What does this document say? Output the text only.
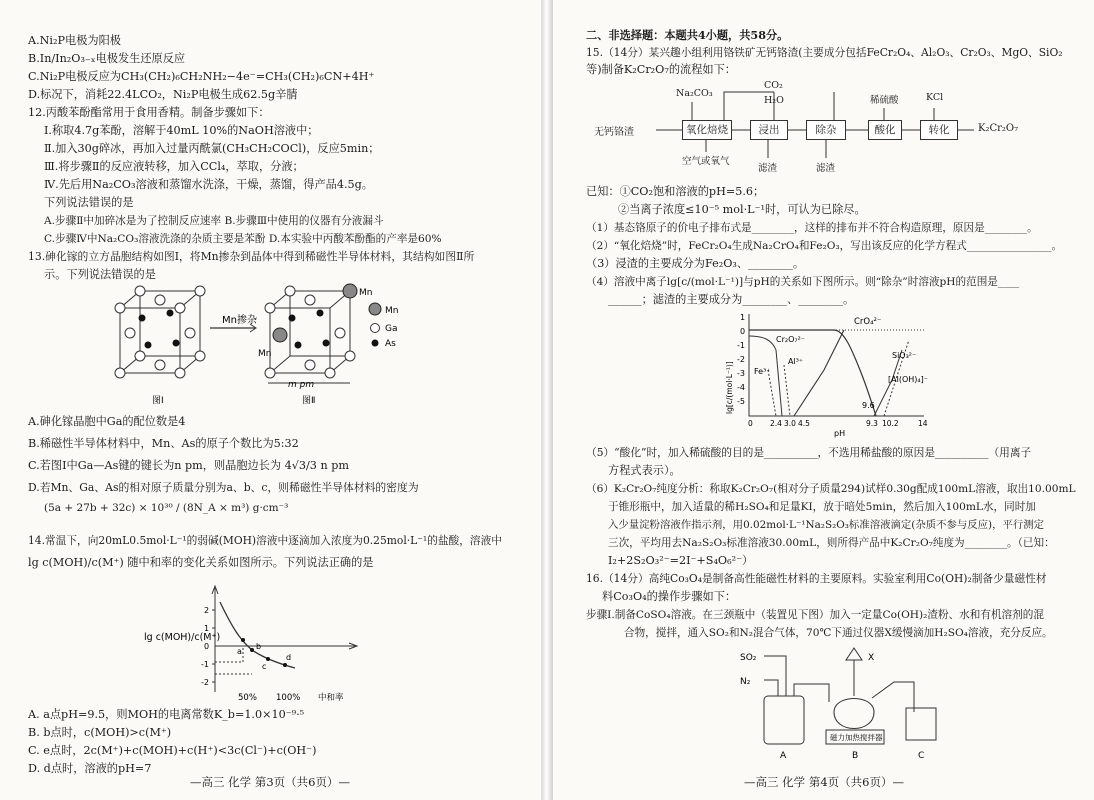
A.Ni₂P电极为阳极
B.In/In₂O₃₋ₓ电极发生还原反应
C.Ni₂P电极反应为CH₃(CH₂)₆CH₂NH₂−4e⁻=CH₃(CH₂)₆CN+4H⁺
D.标况下，消耗22.4LCO₂，Ni₂P电极生成62.5g辛腈
12.丙酸苯酚酯常用于食用香精。制备步骤如下：
Ⅰ.称取4.7g苯酚，溶解于40mL 10%的NaOH溶液中；
Ⅱ.加入30g碎冰，再加入过量丙酰氯(CH₃CH₂COCl)，反应5min；
Ⅲ.将步骤Ⅱ的反应液转移，加入CCl₄，萃取，分液；
Ⅳ.先后用Na₂CO₃溶液和蒸馏水洗涤，干燥，蒸馏，得产品4.5g。
下列说法错误的是
A.步骤Ⅱ中加碎冰是为了控制反应速率 B.步骤Ⅲ中使用的仪器有分液漏斗
C.步骤Ⅳ中Na₂CO₃溶液洗涤的杂质主要是苯酚 D.本实验中丙酸苯酚酯的产率是60%
13.砷化镓的立方晶胞结构如图Ⅰ，将Mn掺杂到晶体中得到稀磁性半导体材料，其结构如图Ⅱ所
示。下列说法错误的是
Mn掺杂
Mn
Mn
m pm
Mn
Ga
As
图Ⅰ	图Ⅱ
A.砷化镓晶胞中Ga的配位数是4
B.稀磁性半导体材料中，Mn、As的原子个数比为5:32
C.若图Ⅰ中Ga—As键的键长为n pm，则晶胞边长为 4√3/3 n pm
D.若Mn、Ga、As的相对原子质量分别为a、b、c，则稀磁性半导体材料的密度为
(5a + 27b + 32c) × 10³⁰ / (8N_A × m³) g·cm⁻³
14.常温下，向20mL0.5mol·L⁻¹的弱碱(MOH)溶液中逐滴加入浓度为0.25mol·L⁻¹的盐酸，溶液中
lg c(MOH)/c(M⁺) 随中和率的变化关系如图所示。下列说法正确的是
lg c(MOH)/c(M⁺)
2
1
0
-1
-2
a
b
c
d
50% 100% 中和率
A. a点pH=9.5，则MOH的电离常数K_b=1.0×10⁻⁹·⁵
B. b点时，c(MOH)>c(M⁺)
C. e点时，2c(M⁺)+c(MOH)+c(H⁺)<3c(Cl⁻)+c(OH⁻)
D. d点时，溶液的pH=7
—高三 化学 第3页（共6页）—
二、非选择题：本题共4小题，共58分。
15.（14分）某兴趣小组利用铬铁矿无钙铬渣(主要成分包括FeCr₂O₄、Al₂O₃、Cr₂O₃、MgO、SiO₂
等)制备K₂Cr₂O₇的流程如下：
无钙铬渣	氧化焙烧	浸出	除杂	酸化	转化	K₂Cr₂O₇
Na₂CO₃
CO₂
H₂O	稀硫酸	KCl
空气或氧气
滤渣	滤渣
已知：①CO₂饱和溶液的pH=5.6；
②当离子浓度≤10⁻⁵ mol·L⁻¹时，可认为已除尽。
（1）基态铬原子的价电子排布式是________，这样的排布并不符合构造原理，原因是________。
（2）“氧化焙烧”时，FeCr₂O₄生成Na₂CrO₄和Fe₂O₃，写出该反应的化学方程式________________。
（3）浸渣的主要成分为Fe₂O₃、________。
（4）溶液中离子lg[c/(mol·L⁻¹)]与pH的关系如下图所示。则“除杂”时溶液pH的范围是____
______；滤渣的主要成分为________、________。
CrO₄²⁻
Cr₂O₇²⁻
Al³⁺
Fe³⁺
SiO₃²⁻
[Al(OH)₄]⁻
9.6
1
0
-1
-2
-3
-4
-5
0 2.4 3.0 4.5	9.3 10.2	14
pH
lg[c/(mol·L⁻¹)]
（5）“酸化”时，加入稀硫酸的目的是__________，不选用稀盐酸的原因是__________（用离子
方程式表示）。
（6）K₂Cr₂O₇纯度分析：称取K₂Cr₂O₇(相对分子质量294)试样0.30g配成100mL溶液，取出10.00mL
于锥形瓶中，加入适量的稀H₂SO₄和足量KI，放于暗处5min，然后加入100mL水，同时加
入少量淀粉溶液作指示剂，用0.02mol·L⁻¹Na₂S₂O₃标准溶液滴定(杂质不参与反应)，平行测定
三次，平均用去Na₂S₂O₃标准溶液30.00mL，则所得产品中K₂Cr₂O₇纯度为________。（已知：
I₂+2S₂O₃²⁻=2I⁻+S₄O₆²⁻）
16.（14分）高纯Co₃O₄是制备高性能磁性材料的主要原料。实验室利用Co(OH)₂制备少量磁性材
料Co₃O₄的操作步骤如下：
步骤Ⅰ.制备CoSO₄溶液。在三颈瓶中（装置见下图）加入一定量Co(OH)₂渣粉、水和有机溶剂的混
合物，搅拌，通入SO₂和N₂混合气体，70℃下通过仪器X缓慢滴加H₂SO₄溶液，充分反应。
SO₂
N₂
X
磁力加热搅拌器
A	B	C
—高三 化学 第4页（共6页）—
